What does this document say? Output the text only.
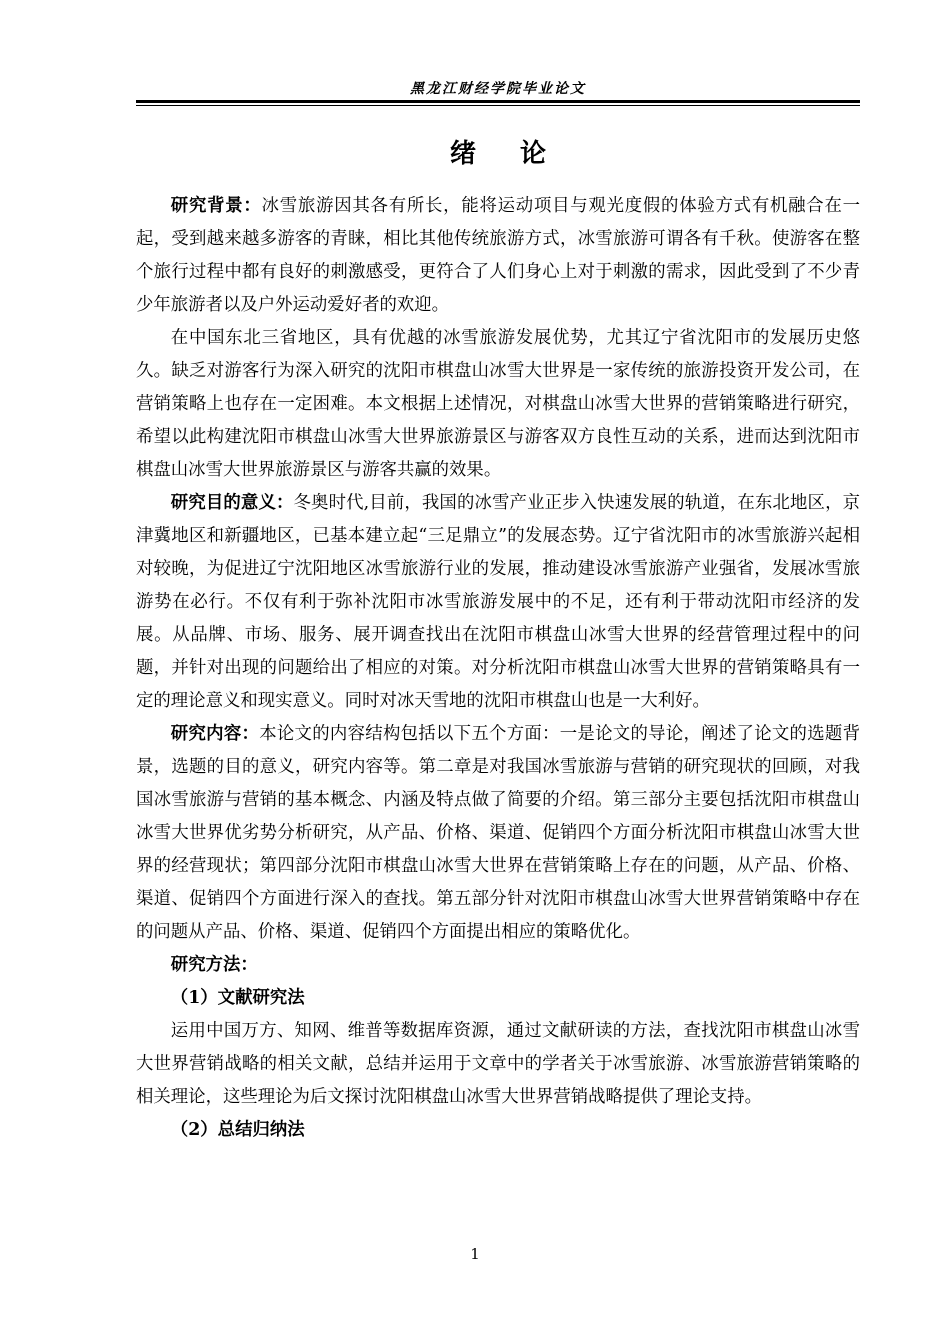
黑龙江财经学院毕业论文
绪论

研究背景：冰雪旅游因其各有所长，能将运动项目与观光度假的体验方式有机融合在一起，受到越来越多游客的青睐，相比其他传统旅游方式，冰雪旅游可谓各有千秋。使游客在整个旅行过程中都有良好的刺激感受，更符合了人们身心上对于刺激的需求，因此受到了不少青少年旅游者以及户外运动爱好者的欢迎。

在中国东北三省地区，具有优越的冰雪旅游发展优势，尤其辽宁省沈阳市的发展历史悠久。缺乏对游客行为深入研究的沈阳市棋盘山冰雪大世界是一家传统的旅游投资开发公司，在营销策略上也存在一定困难。本文根据上述情况，对棋盘山冰雪大世界的营销策略进行研究，希望以此构建沈阳市棋盘山冰雪大世界旅游景区与游客双方良性互动的关系，进而达到沈阳市棋盘山冰雪大世界旅游景区与游客共赢的效果。

研究目的意义：冬奥时代,目前，我国的冰雪产业正步入快速发展的轨道，在东北地区，京津冀地区和新疆地区，已基本建立起“三足鼎立”的发展态势。辽宁省沈阳市的冰雪旅游兴起相对较晚，为促进辽宁沈阳地区冰雪旅游行业的发展，推动建设冰雪旅游产业强省，发展冰雪旅游势在必行。不仅有利于弥补沈阳市冰雪旅游发展中的不足，还有利于带动沈阳市经济的发展。从品牌、市场、服务、展开调查找出在沈阳市棋盘山冰雪大世界的经营管理过程中的问题，并针对出现的问题给出了相应的对策。对分析沈阳市棋盘山冰雪大世界的营销策略具有一定的理论意义和现实意义。同时对冰天雪地的沈阳市棋盘山也是一大利好。

研究内容：本论文的内容结构包括以下五个方面：一是论文的导论，阐述了论文的选题背景，选题的目的意义，研究内容等。第二章是对我国冰雪旅游与营销的研究现状的回顾，对我国冰雪旅游与营销的基本概念、内涵及特点做了简要的介绍。第三部分主要包括沈阳市棋盘山冰雪大世界优劣势分析研究，从产品、价格、渠道、促销四个方面分析沈阳市棋盘山冰雪大世界的经营现状；第四部分沈阳市棋盘山冰雪大世界在营销策略上存在的问题，从产品、价格、渠道、促销四个方面进行深入的查找。第五部分针对沈阳市棋盘山冰雪大世界营销策略中存在的问题从产品、价格、渠道、促销四个方面提出相应的策略优化。

研究方法：

（1）文献研究法

运用中国万方、知网、维普等数据库资源，通过文献研读的方法，查找沈阳市棋盘山冰雪大世界营销战略的相关文献，总结并运用于文章中的学者关于冰雪旅游、冰雪旅游营销策略的相关理论，这些理论为后文探讨沈阳棋盘山冰雪大世界营销战略提供了理论支持。

（2）总结归纳法

1
